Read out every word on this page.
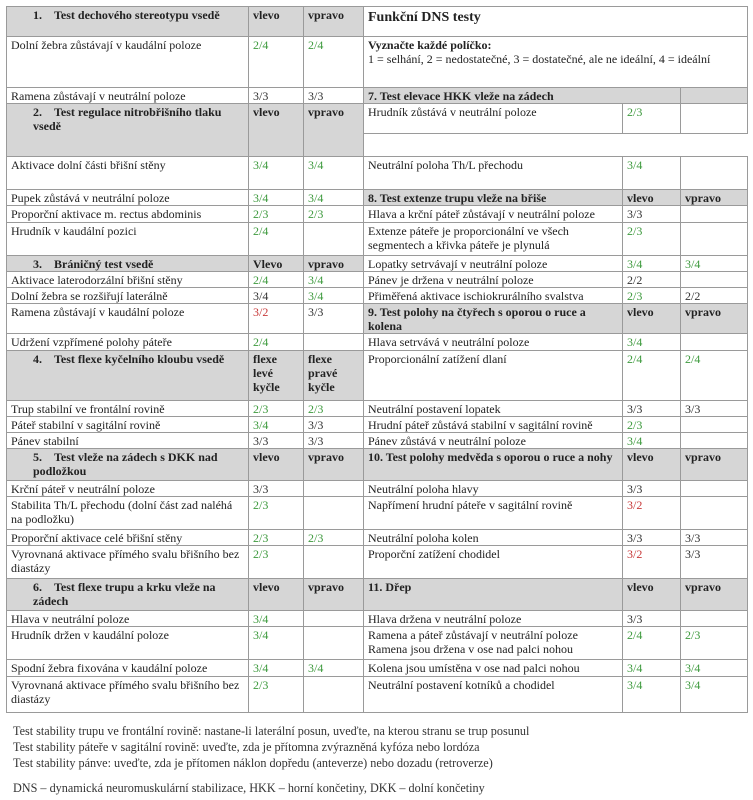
1. Test dechového stereotypu vsedě	vlevo	vpravo	Funkční DNS testy		
Dolní žebra zůstávají v kaudální poloze	2/4	2/4	Vyznačte každé políčko:
1 = selhání, 2 = nedostatečné, 3 = dostatečné, ale ne ideální, 4 = ideální		

Ramena zůstávají v neutrální poloze	3/3	3/3	7. Test elevace HKK vleže na zádech		
2. Test regulace nitrobřišního tlaku vsedě	vlevo	vpravo	Hrudník zůstává v neutrální poloze	2/3	

Aktivace dolní části břišní stěny	3/4	3/4	Neutrální poloha Th/L přechodu	3/4	
Pupek zůstává v neutrální poloze	3/4	3/4	8. Test extenze trupu vleže na břiše	vlevo	vpravo
Proporční aktivace m. rectus abdominis	2/3	2/3	Hlava a krční páteř zůstávají v neutrální poloze	3/3	
Hrudník v kaudální pozici	2/4		Extenze páteře je proporcionální ve všech segmentech a křivka páteře je plynulá	2/3	
3. Bráničný test vsedě	Vlevo	vpravo	Lopatky setrvávají v neutrální poloze	3/4	3/4
Aktivace laterodorzální břišní stěny	2/4	3/4	Pánev je držena v neutrální poloze	2/2	
Dolní žebra se rozšiřují laterálně	3/4	3/4	Přiměřená aktivace ischiokrurálního svalstva	2/3	2/2
Ramena zůstávají v kaudální poloze	3/2	3/3	9. Test polohy na čtyřech s oporou o ruce a kolena	vlevo	vpravo
Udržení vzpřímené polohy páteře	2/4		Hlava setrvává v neutrální poloze	3/4	
4. Test flexe kyčelního kloubu vsedě	flexe levé kyčle	flexe pravé kyčle	Proporcionální zatížení dlaní	2/4	2/4
Trup stabilní ve frontální rovině	2/3	2/3	Neutrální postavení lopatek	3/3	3/3
Páteř stabilní v sagitální rovině	3/4	3/3	Hrudní páteř zůstává stabilní v sagitální rovině	2/3	
Pánev stabilní	3/3	3/3	Pánev zůstává v neutrální poloze	3/4	
5. Test vleže na zádech s DKK nad podložkou	vlevo	vpravo	10. Test polohy medvěda s oporou o ruce a nohy	vlevo	vpravo
Krční páteř v neutrální poloze	3/3		Neutrální poloha hlavy	3/3	
Stabilita Th/L přechodu (dolní část zad naléhá na podložku)	2/3		Napřímení hrudní páteře v sagitální rovině	3/2	
Proporční aktivace celé břišní stěny	2/3	2/3	Neutrální poloha kolen	3/3	3/3
Vyrovnaná aktivace přímého svalu břišního bez diastázy	2/3		Proporční zatížení chodidel	3/2	3/3
6. Test flexe trupu a krku vleže na zádech	vlevo	vpravo	11. Dřep	vlevo	vpravo
Hlava v neutrální poloze	3/4		Hlava držena v neutrální poloze	3/3	
Hrudník držen v kaudální poloze	3/4		Ramena a páteř zůstávají v neutrální poloze Ramena jsou držena v ose nad palci nohou	2/4	2/3
Spodní žebra fixována v kaudální poloze	3/4	3/4	Kolena jsou umístěna v ose nad palci nohou	3/4	3/4
Vyrovnaná aktivace přímého svalu břišního bez diastázy	2/3		Neutrální postavení kotníků a chodidel	3/4	3/4

Test stability trupu ve frontální rovině: nastane-li laterální posun, uveďte, na kterou stranu se trup posunul

Test stability páteře v sagitální rovině: uveďte, zda je přítomna zvýrazněná kyfóza nebo lordóza

Test stability pánve: uveďte, zda je přítomen náklon dopředu (anteverze) nebo dozadu (retroverze)

DNS – dynamická neuromuskulární stabilizace, HKK – horní končetiny, DKK – dolní končetiny
